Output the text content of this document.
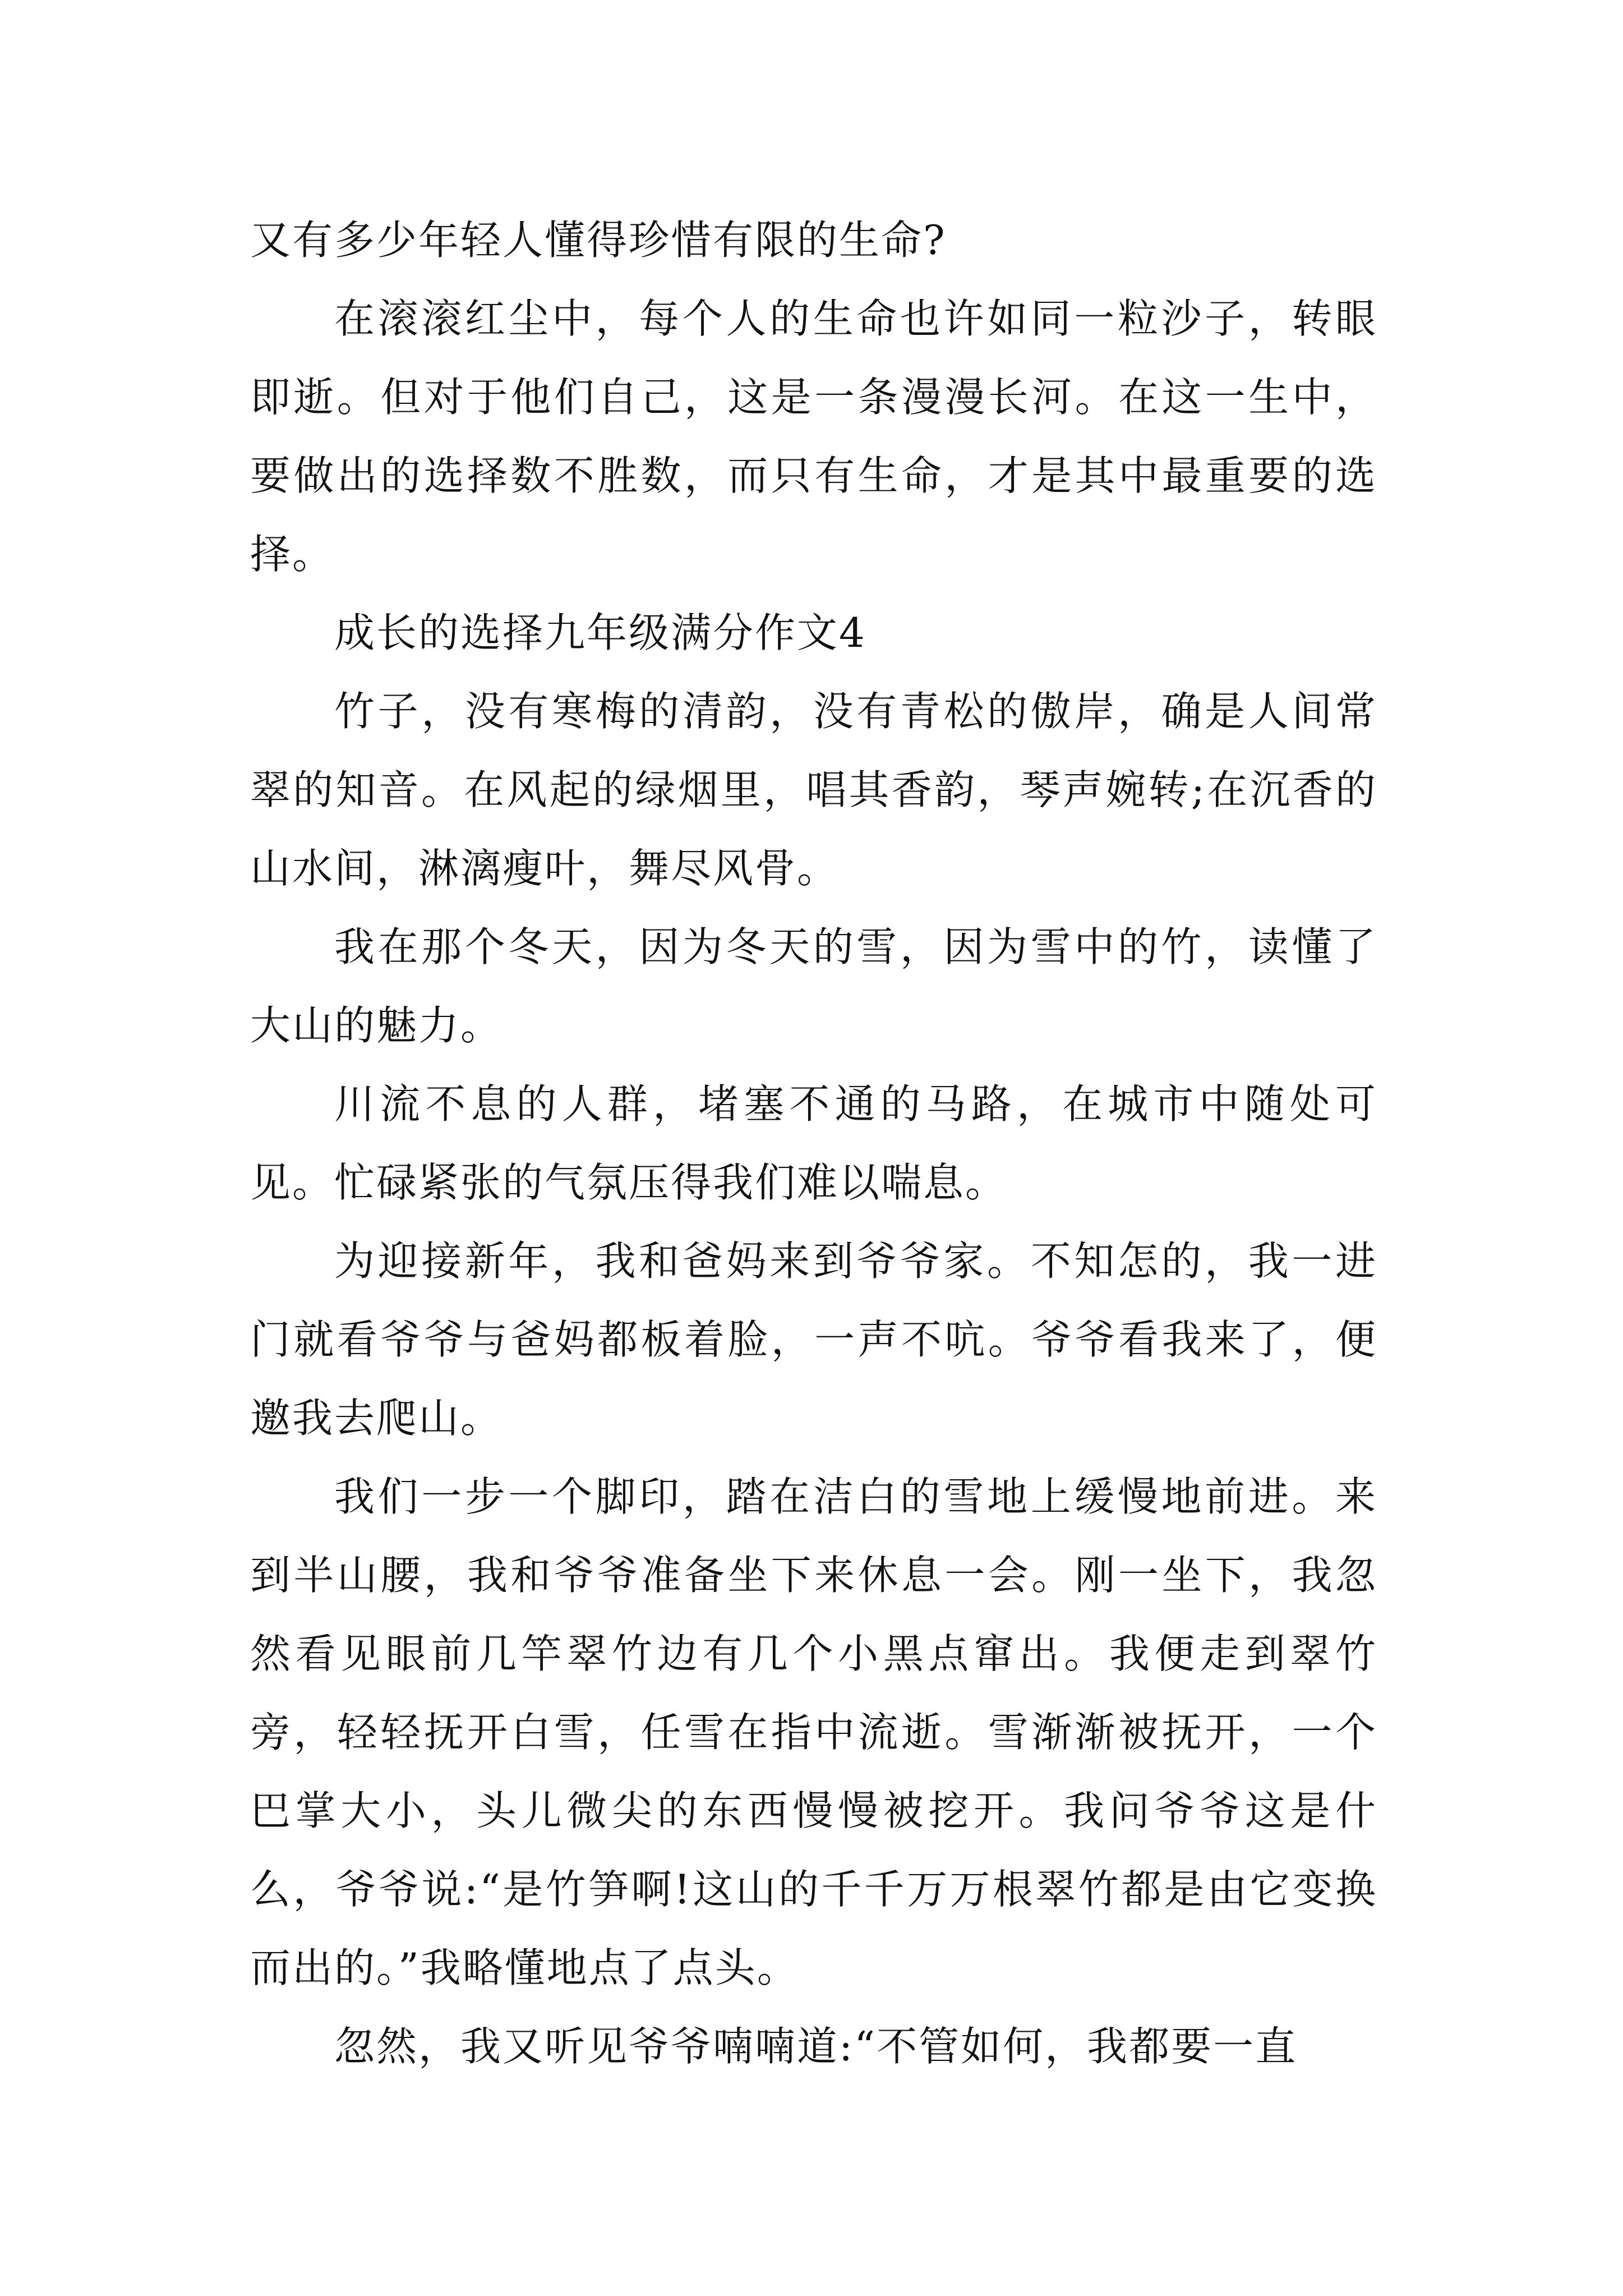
又有多少年轻人懂得珍惜有限的生命?

在滚滚红尘中，每个人的生命也许如同一粒沙子，转眼即逝。但对于他们自己，这是一条漫漫长河。在这一生中，要做出的选择数不胜数，而只有生命，才是其中最重要的选择。

成长的选择九年级满分作文4

竹子，没有寒梅的清韵，没有青松的傲岸，确是人间常翠的知音。在风起的绿烟里，唱其香韵，琴声婉转;在沉香的山水间，淋漓瘦叶，舞尽风骨。

我在那个冬天，因为冬天的雪，因为雪中的竹，读懂了大山的魅力。

川流不息的人群，堵塞不通的马路，在城市中随处可见。忙碌紧张的气氛压得我们难以喘息。

为迎接新年，我和爸妈来到爷爷家。不知怎的，我一进门就看爷爷与爸妈都板着脸，一声不吭。爷爷看我来了，便邀我去爬山。

我们一步一个脚印，踏在洁白的雪地上缓慢地前进。来到半山腰，我和爷爷准备坐下来休息一会。刚一坐下，我忽然看见眼前几竿翠竹边有几个小黑点窜出。我便走到翠竹旁，轻轻抚开白雪，任雪在指中流逝。雪渐渐被抚开，一个巴掌大小，头儿微尖的东西慢慢被挖开。我问爷爷这是什么，爷爷说:“是竹笋啊!这山的千千万万根翠竹都是由它变换而出的。”我略懂地点了点头。

忽然，我又听见爷爷喃喃道:“不管如何，我都要一直
